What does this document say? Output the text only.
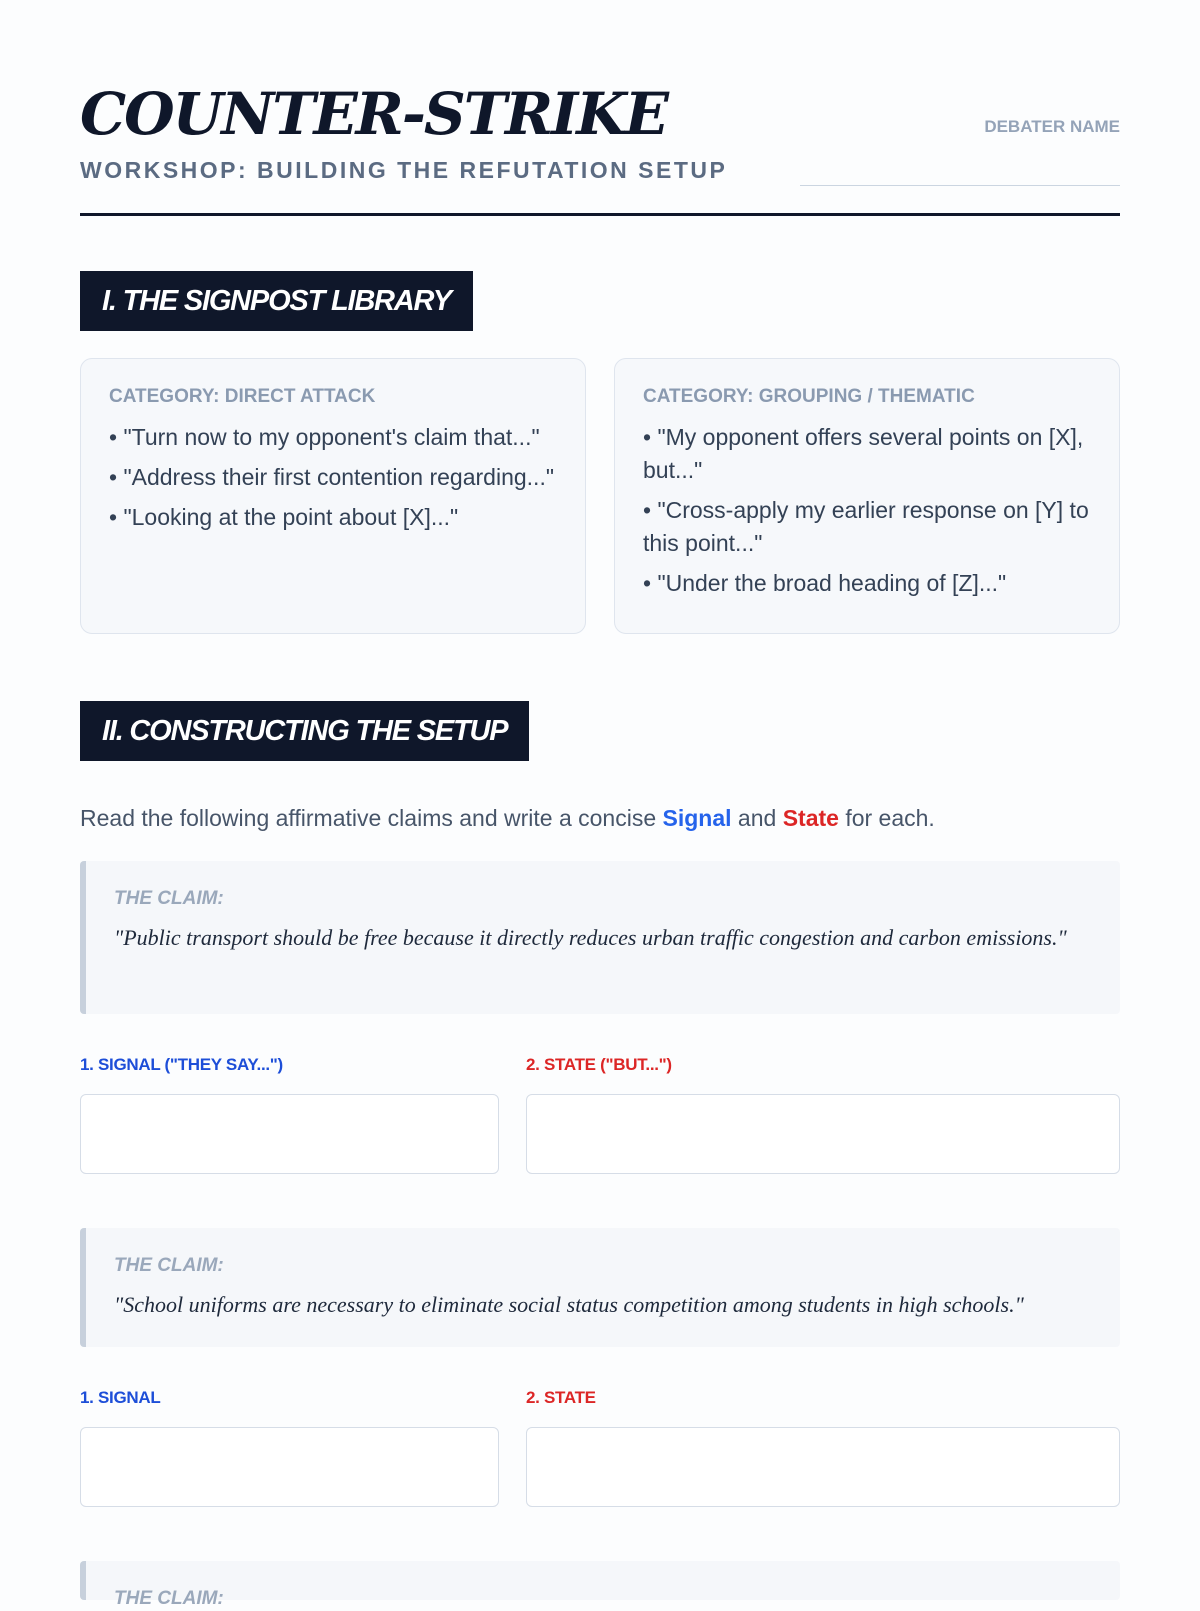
COUNTER-STRIKE
WORKSHOP: BUILDING THE REFUTATION SETUP
DEBATER NAME
I. THE SIGNPOST LIBRARY
CATEGORY: DIRECT ATTACK
• "Turn now to my opponent's claim that..."
• "Address their first contention regarding..."
• "Looking at the point about [X]..."
CATEGORY: GROUPING / THEMATIC
• "My opponent offers several points on [X], but..."
• "Cross-apply my earlier response on [Y] to this point..."
• "Under the broad heading of [Z]..."
II. CONSTRUCTING THE SETUP
Read the following affirmative claims and write a concise Signal and State for each.
THE CLAIM:
"Public transport should be free because it directly reduces urban traffic congestion and carbon emissions."
1. SIGNAL ("THEY SAY...")	2. STATE ("BUT...")
THE CLAIM:
"School uniforms are necessary to eliminate social status competition among students in high schools."
1. SIGNAL	2. STATE
THE CLAIM:
